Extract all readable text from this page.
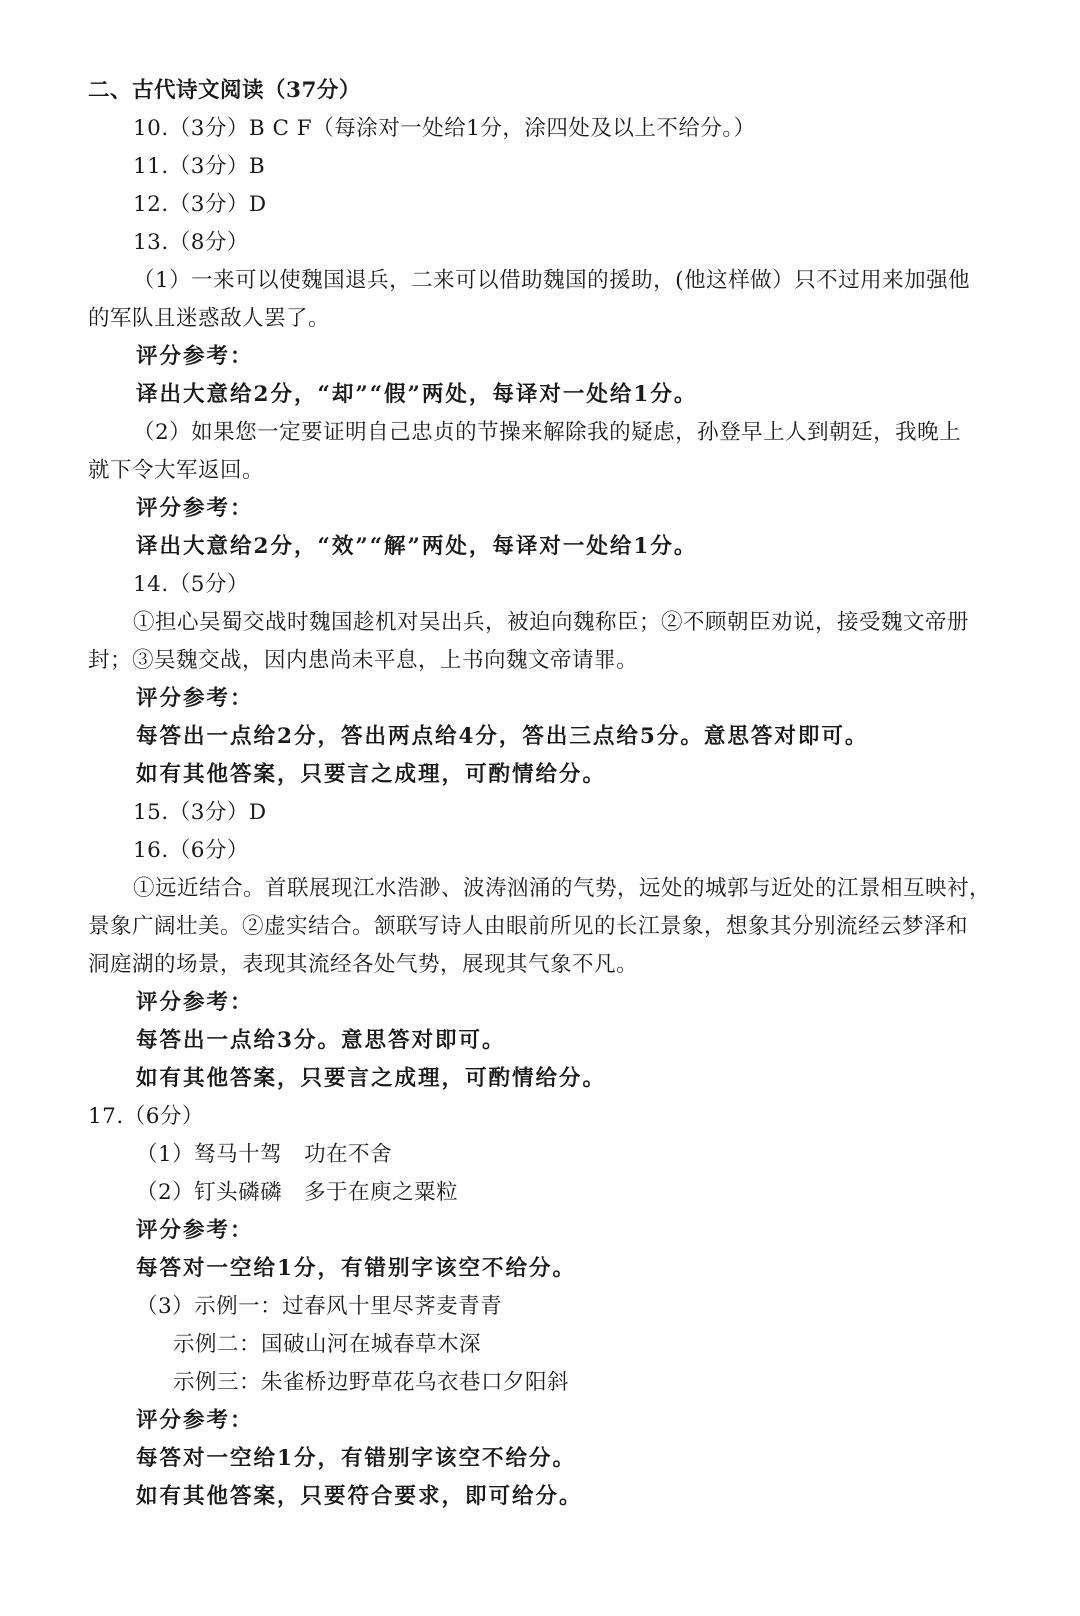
二、古代诗文阅读（37分）
10.（3分）B C F（每涂对一处给1分，涂四处及以上不给分。）
11.（3分）B
12.（3分）D
13.（8分）
（1）一来可以使魏国退兵，二来可以借助魏国的援助，(他这样做）只不过用来加强他
的军队且迷惑敌人罢了。
评分参考：
译出大意给2分，“却”“假”两处，每译对一处给1分。
（2）如果您一定要证明自己忠贞的节操来解除我的疑虑，孙登早上人到朝廷，我晚上
就下令大军返回。
评分参考：
译出大意给2分，“效”“解”两处，每译对一处给1分。
14.（5分）
①担心吴蜀交战时魏国趁机对吴出兵，被迫向魏称臣；②不顾朝臣劝说，接受魏文帝册
封；③吴魏交战，因内患尚未平息，上书向魏文帝请罪。
评分参考：
每答出一点给2分，答出两点给4分，答出三点给5分。意思答对即可。
如有其他答案，只要言之成理，可酌情给分。
15.（3分）D
16.（6分）
①远近结合。首联展现江水浩渺、波涛汹涌的气势，远处的城郭与近处的江景相互映衬，
景象广阔壮美。②虚实结合。颔联写诗人由眼前所见的长江景象，想象其分别流经云梦泽和
洞庭湖的场景，表现其流经各处气势，展现其气象不凡。
评分参考：
每答出一点给3分。意思答对即可。
如有其他答案，只要言之成理，可酌情给分。
17.（6分）
（1）驽马十驾　功在不舍
（2）钉头磷磷　多于在庾之粟粒
评分参考：
每答对一空给1分，有错别字该空不给分。
（3）示例一：过春风十里尽荠麦青青
示例二：国破山河在城春草木深
示例三：朱雀桥边野草花乌衣巷口夕阳斜
评分参考：
每答对一空给1分，有错别字该空不给分。
如有其他答案，只要符合要求，即可给分。
